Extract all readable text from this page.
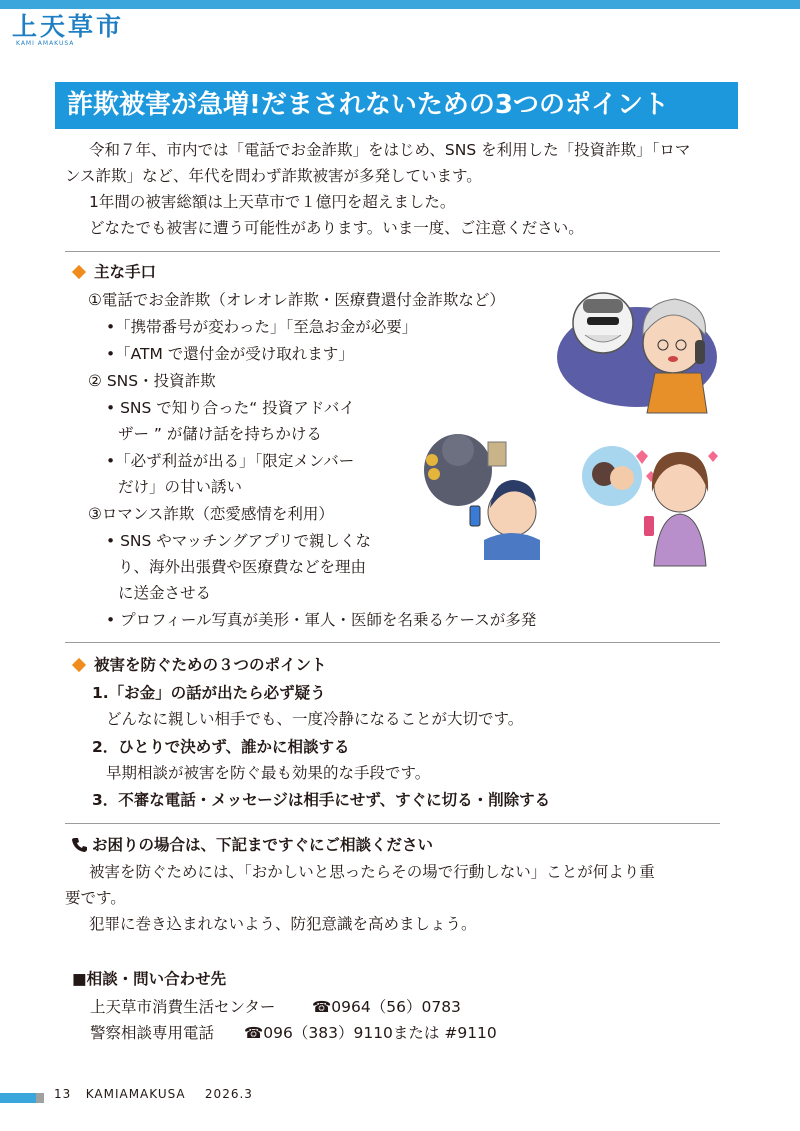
上天草市
KAMI AMAKUSA
詐欺被害が急増!だまされないための3つのポイント
令和７年、市内では「電話でお金詐欺」をはじめ、SNS を利用した「投資詐欺」「ロマ
ンス詐欺」など、年代を問わず詐欺被害が多発しています。
1年間の被害総額は上天草市で１億円を超えました。
どなたでも被害に遭う可能性があります。いま一度、ご注意ください。
主な手口
①電話でお金詐欺（オレオレ詐欺・医療費還付金詐欺など）
•「携帯番号が変わった」「至急お金が必要」
•「ATM で還付金が受け取れます」
② SNS・投資詐欺
• SNS で知り合った“ 投資アドバイ
ザー ” が儲け話を持ちかける
•「必ず利益が出る」「限定メンバー
だけ」の甘い誘い
③ロマンス詐欺（恋愛感情を利用）
• SNS やマッチングアプリで親しくな
り、海外出張費や医療費などを理由
に送金させる
• プロフィール写真が美形・軍人・医師を名乗るケースが多発
被害を防ぐための３つのポイント
1.「お金」の話が出たら必ず疑う
どんなに親しい相手でも、一度冷静になることが大切です。
2．ひとりで決めず、誰かに相談する
早期相談が被害を防ぐ最も効果的な手段です。
3．不審な電話・メッセージは相手にせず、すぐに切る・削除する
お困りの場合は、下記まですぐにご相談ください
被害を防ぐためには、「おかしいと思ったらその場で行動しない」ことが何より重
要です。
犯罪に巻き込まれないよう、防犯意識を高めましょう。
■相談・問い合わせ先
上天草市消費生活センター ☎0964（56）0783
警察相談専用電話 ☎096（383）9110または #9110
13 KAMIAMAKUSA 2026.3
